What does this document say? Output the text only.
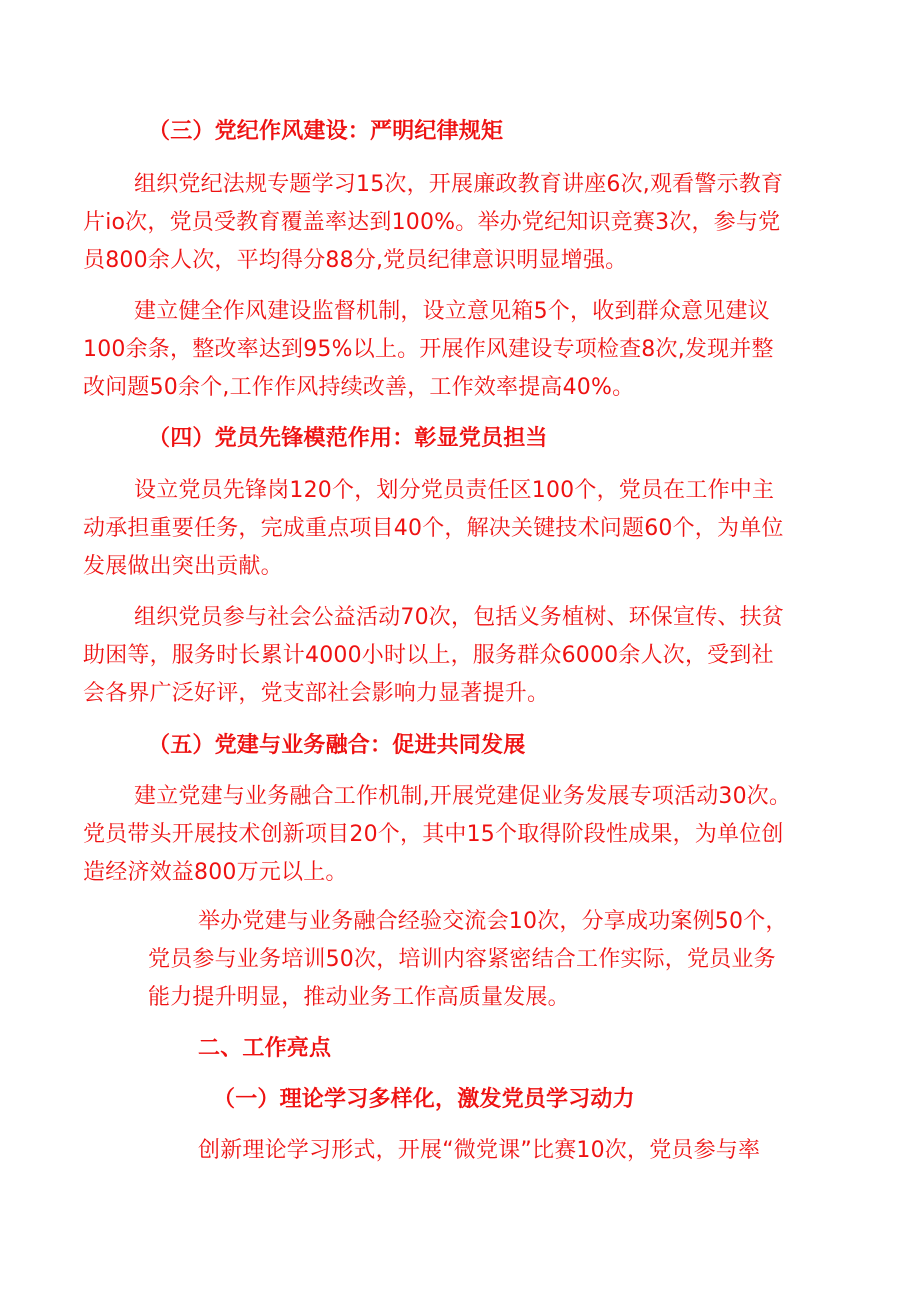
（三）党纪作风建设：严明纪律规矩
组织党纪法规专题学习15次，开展廉政教育讲座6次,观看警示教育
片io次，党员受教育覆盖率达到100%。举办党纪知识竞赛3次，参与党
员800余人次，平均得分88分,党员纪律意识明显增强。
建立健全作风建设监督机制，设立意见箱5个，收到群众意见建议
100余条，整改率达到95%以上。开展作风建设专项检查8次,发现并整
改问题50余个,工作作风持续改善，工作效率提高40%。
（四）党员先锋模范作用：彰显党员担当
设立党员先锋岗120个，划分党员责任区100个，党员在工作中主
动承担重要任务，完成重点项目40个，解决关键技术问题60个，为单位
发展做出突出贡献。
组织党员参与社会公益活动70次，包括义务植树、环保宣传、扶贫
助困等，服务时长累计4000小时以上，服务群众6000余人次，受到社
会各界广泛好评，党支部社会影响力显著提升。
（五）党建与业务融合：促进共同发展
建立党建与业务融合工作机制,开展党建促业务发展专项活动30次。
党员带头开展技术创新项目20个，其中15个取得阶段性成果，为单位创
造经济效益800万元以上。
举办党建与业务融合经验交流会10次，分享成功案例50个，
党员参与业务培训50次，培训内容紧密结合工作实际，党员业务
能力提升明显，推动业务工作高质量发展。
二、工作亮点
（一）理论学习多样化，激发党员学习动力
创新理论学习形式，开展“微党课”比赛10次，党员参与率
